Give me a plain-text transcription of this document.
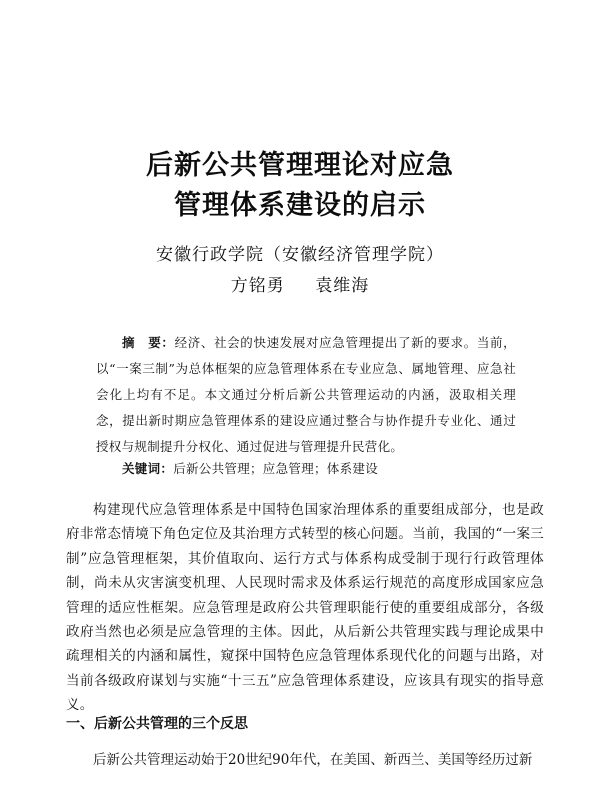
后新公共管理理论对应急
管理体系建设的启示
安徽行政学院（安徽经济管理学院）
方铭勇 袁维海
摘　要：经济、社会的快速发展对应急管理提出了新的要求。当前，以“一案三制”为总体框架的应急管理体系在专业应急、属地管理、应急社会化上均有不足。本文通过分析后新公共管理运动的内涵，汲取相关理念，提出新时期应急管理体系的建设应通过整合与协作提升专业化、通过授权与规制提升分权化、通过促进与管理提升民营化。
关键词：后新公共管理；应急管理；体系建设
构建现代应急管理体系是中国特色国家治理体系的重要组成部分，也是政府非常态情境下角色定位及其治理方式转型的核心问题。当前，我国的“一案三制”应急管理框架，其价值取向、运行方式与体系构成受制于现行行政管理体制，尚未从灾害演变机理、人民现时需求及体系运行规范的高度形成国家应急管理的适应性框架。应急管理是政府公共管理职能行使的重要组成部分，各级政府当然也必须是应急管理的主体。因此，从后新公共管理实践与理论成果中疏理相关的内涵和属性，窥探中国特色应急管理体系现代化的问题与出路，对当前各级政府谋划与实施“十三五”应急管理体系建设，应该具有现实的指导意义。
一、后新公共管理的三个反思
后新公共管理运动始于20世纪90年代，在美国、新西兰、美国等经历过新
